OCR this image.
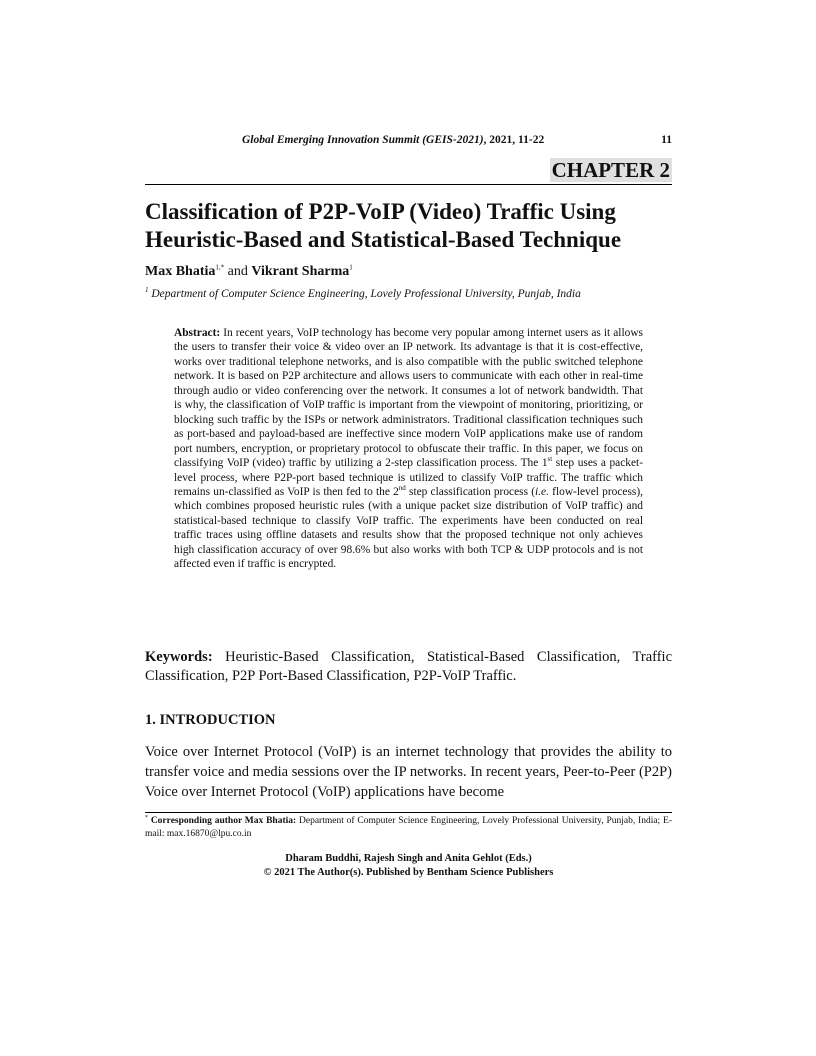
Global Emerging Innovation Summit (GEIS-2021), 2021, 11-22	11
CHAPTER 2
Classification of P2P-VoIP (Video) Traffic Using
Heuristic-Based and Statistical-Based Technique
Max Bhatia$^{1,*}$ and Vikrant Sharma$^1$
$^1$ Department of Computer Science Engineering, Lovely Professional University, Punjab, India
Abstract: In recent years, VoIP technology has become very popular among internet users as it allows the users to transfer their voice & video over an IP network. Its advantage is that it is cost-effective, works over traditional telephone networks, and is also compatible with the public switched telephone network. It is based on P2P architecture and allows users to communicate with each other in real-time through audio or video conferencing over the network. It consumes a lot of network bandwidth. That is why, the classification of VoIP traffic is important from the viewpoint of monitoring, prioritizing, or blocking such traffic by the ISPs or network administrators. Traditional classification techniques such as port-based and payload-based are ineffective since modern VoIP applications make use of random port numbers, encryption, or proprietary protocol to obfuscate their traffic. In this paper, we focus on classifying VoIP (video) traffic by utilizing a 2-step classification process. The 1st step uses a packet-level process, where P2P-port based technique is utilized to classify VoIP traffic. The traffic which remains un-classified as VoIP is then fed to the 2nd step classification process (i.e. flow-level process), which combines proposed heuristic rules (with a unique packet size distribution of VoIP traffic) and statistical-based technique to classify VoIP traffic. The experiments have been conducted on real traffic traces using offline datasets and results show that the proposed technique not only achieves high classification accuracy of over 98.6% but also works with both TCP & UDP protocols and is not affected even if traffic is encrypted.
Keywords: Heuristic-Based Classification, Statistical-Based Classification, Traffic Classification, P2P Port-Based Classification, P2P-VoIP Traffic.
1. INTRODUCTION
Voice over Internet Protocol (VoIP) is an internet technology that provides the ability to transfer voice and media sessions over the IP networks. In recent years, Peer-to-Peer (P2P) Voice over Internet Protocol (VoIP) applications have become
* Corresponding author Max Bhatia: Department of Computer Science Engineering, Lovely Professional University, Punjab, India; E-mail: max.16870@lpu.co.in
Dharam Buddhi, Rajesh Singh and Anita Gehlot (Eds.)
© 2021 The Author(s). Published by Bentham Science Publishers
